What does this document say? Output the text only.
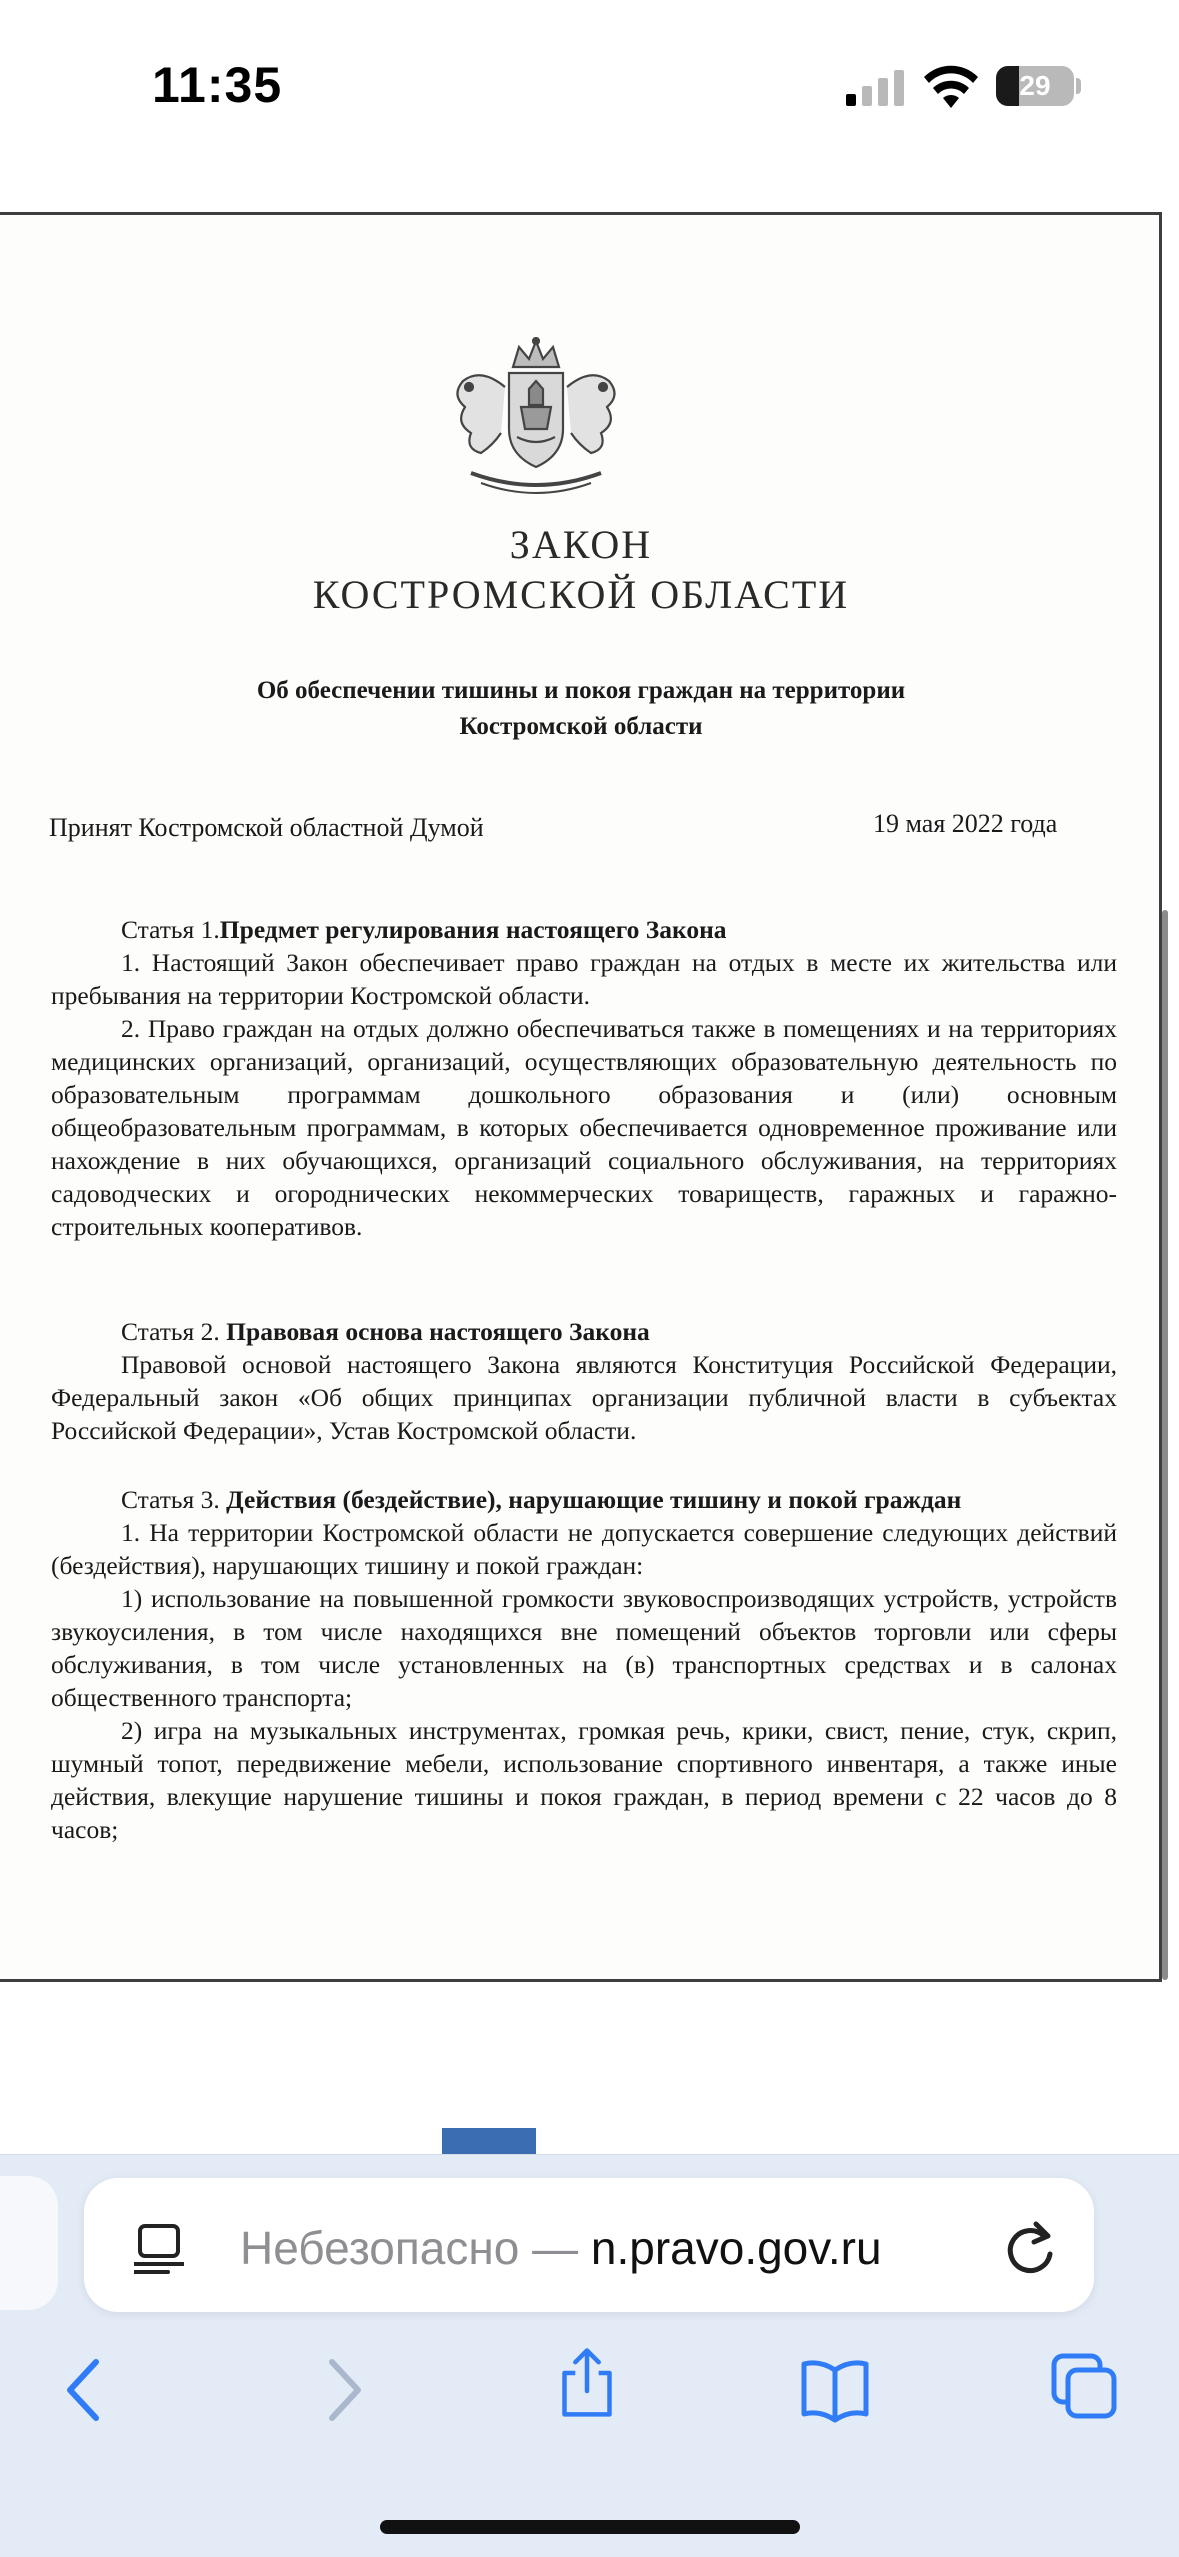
11:35	29
ЗАКОН
КОСТРОМСКОЙ ОБЛАСТИ
Об обеспечении тишины и покоя граждан на территории
Костромской области
Принят Костромской областной Думой	19 мая 2022 года

Статья 1.Предмет регулирования настоящего Закона

1. Настоящий Закон обеспечивает право граждан на отдых в месте их жительства или пребывания на территории Костромской области.

2. Право граждан на отдых должно обеспечиваться также в помещениях и на территориях медицинских организаций, организаций, осуществляющих образовательную деятельность по образовательным программам дошкольного образования и (или) основным общеобразовательным программам, в которых обеспечивается одновременное проживание или нахождение в них обучающихся, организаций социального обслуживания, на территориях садоводческих и огороднических некоммерческих товариществ, гаражных и гаражно-строительных кооперативов.

Статья 2. Правовая основа настоящего Закона

Правовой основой настоящего Закона являются Конституция Российской Федерации, Федеральный закон «Об общих принципах организации публичной власти в субъектах Российской Федерации», Устав Костромской области.

Статья 3. Действия (бездействие), нарушающие тишину и покой граждан

1. На территории Костромской области не допускается совершение следующих действий (бездействия), нарушающих тишину и покой граждан:

1) использование на повышенной громкости звуковоспроизводящих устройств, устройств звукоусиления, в том числе находящихся вне помещений объектов торговли или сферы обслуживания, в том числе установленных на (в) транспортных средствах и в салонах общественного транспорта;

2) игра на музыкальных инструментах, громкая речь, крики, свист, пение, стук, скрип, шумный топот, передвижение мебели, использование спортивного инвентаря, а также иные действия, влекущие нарушение тишины и покоя граждан, в период времени с 22 часов до 8 часов;

Небезопасно — n.pravo.gov.ru
